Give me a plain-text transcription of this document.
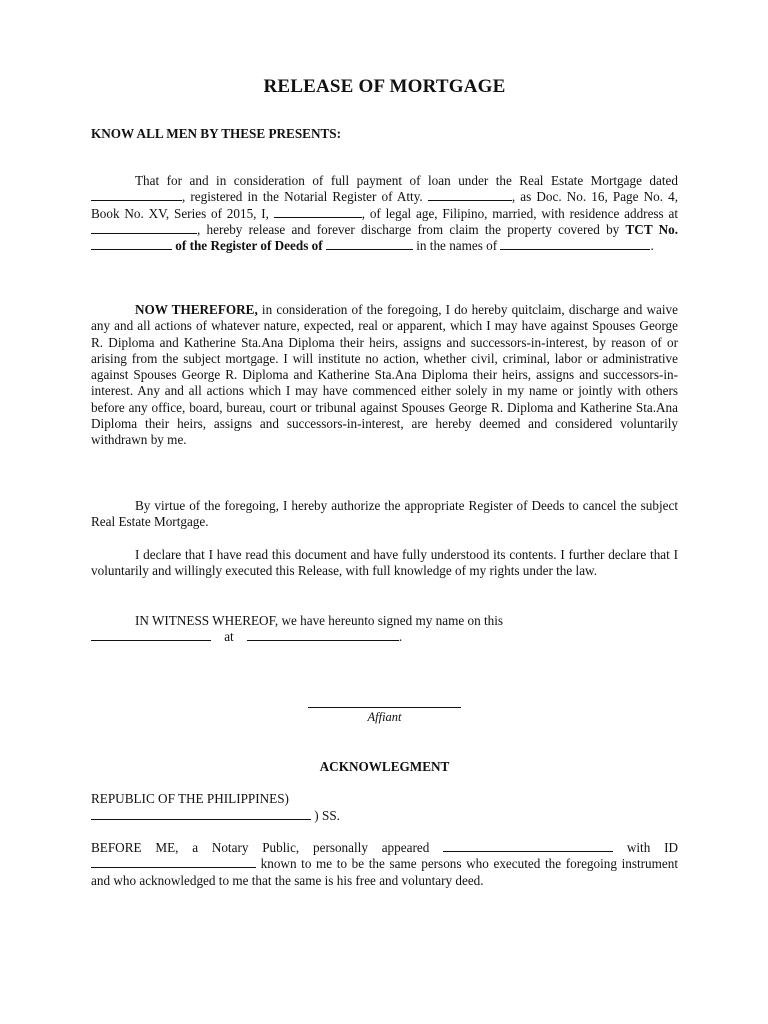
RELEASE OF MORTGAGE
KNOW ALL MEN BY THESE PRESENTS:

That for and in consideration of full payment of loan under the Real Estate Mortgage dated , registered in the Notarial Register of Atty.	, as Doc. No. 16, Page No. 4, Book No. XV, Series of 2015, I,	, of legal age, Filipino, married, with residence address at , hereby release and forever discharge from claim the property covered by TCT No.  of the Register of Deeds of	in the names of	.

NOW THEREFORE, in consideration of the foregoing, I do hereby quitclaim, discharge and waive any and all actions of whatever nature, expected, real or apparent, which I may have against Spouses George R. Diploma and Katherine Sta.Ana Diploma their heirs, assigns and successors-in-interest, by reason of or arising from the subject mortgage. I will institute no action, whether civil, criminal, labor or administrative against Spouses George R. Diploma and Katherine Sta.Ana Diploma their heirs, assigns and successors-in-interest. Any and all actions which I may have commenced either solely in my name or jointly with others before any office, board, bureau, court or tribunal against Spouses George R. Diploma and Katherine Sta.Ana Diploma their heirs, assigns and successors-in-interest, are hereby deemed and considered voluntarily withdrawn by me.

By virtue of the foregoing, I hereby authorize the appropriate Register of Deeds to cancel the subject Real Estate Mortgage.

I declare that I have read this document and have fully understood its contents. I further declare that I voluntarily and willingly executed this Release, with full knowledge of my rights under the law.

IN WITNESS WHEREOF, we have hereunto signed my name on this

at	.

Affiant
ACKNOWLEGMENT
REPUBLIC OF THE PHILIPPINES)
) SS.

BEFORE ME, a Notary Public, personally appeared	with ID  known to me to be the same persons who executed the foregoing instrument and who acknowledged to me that the same is his free and voluntary deed.
